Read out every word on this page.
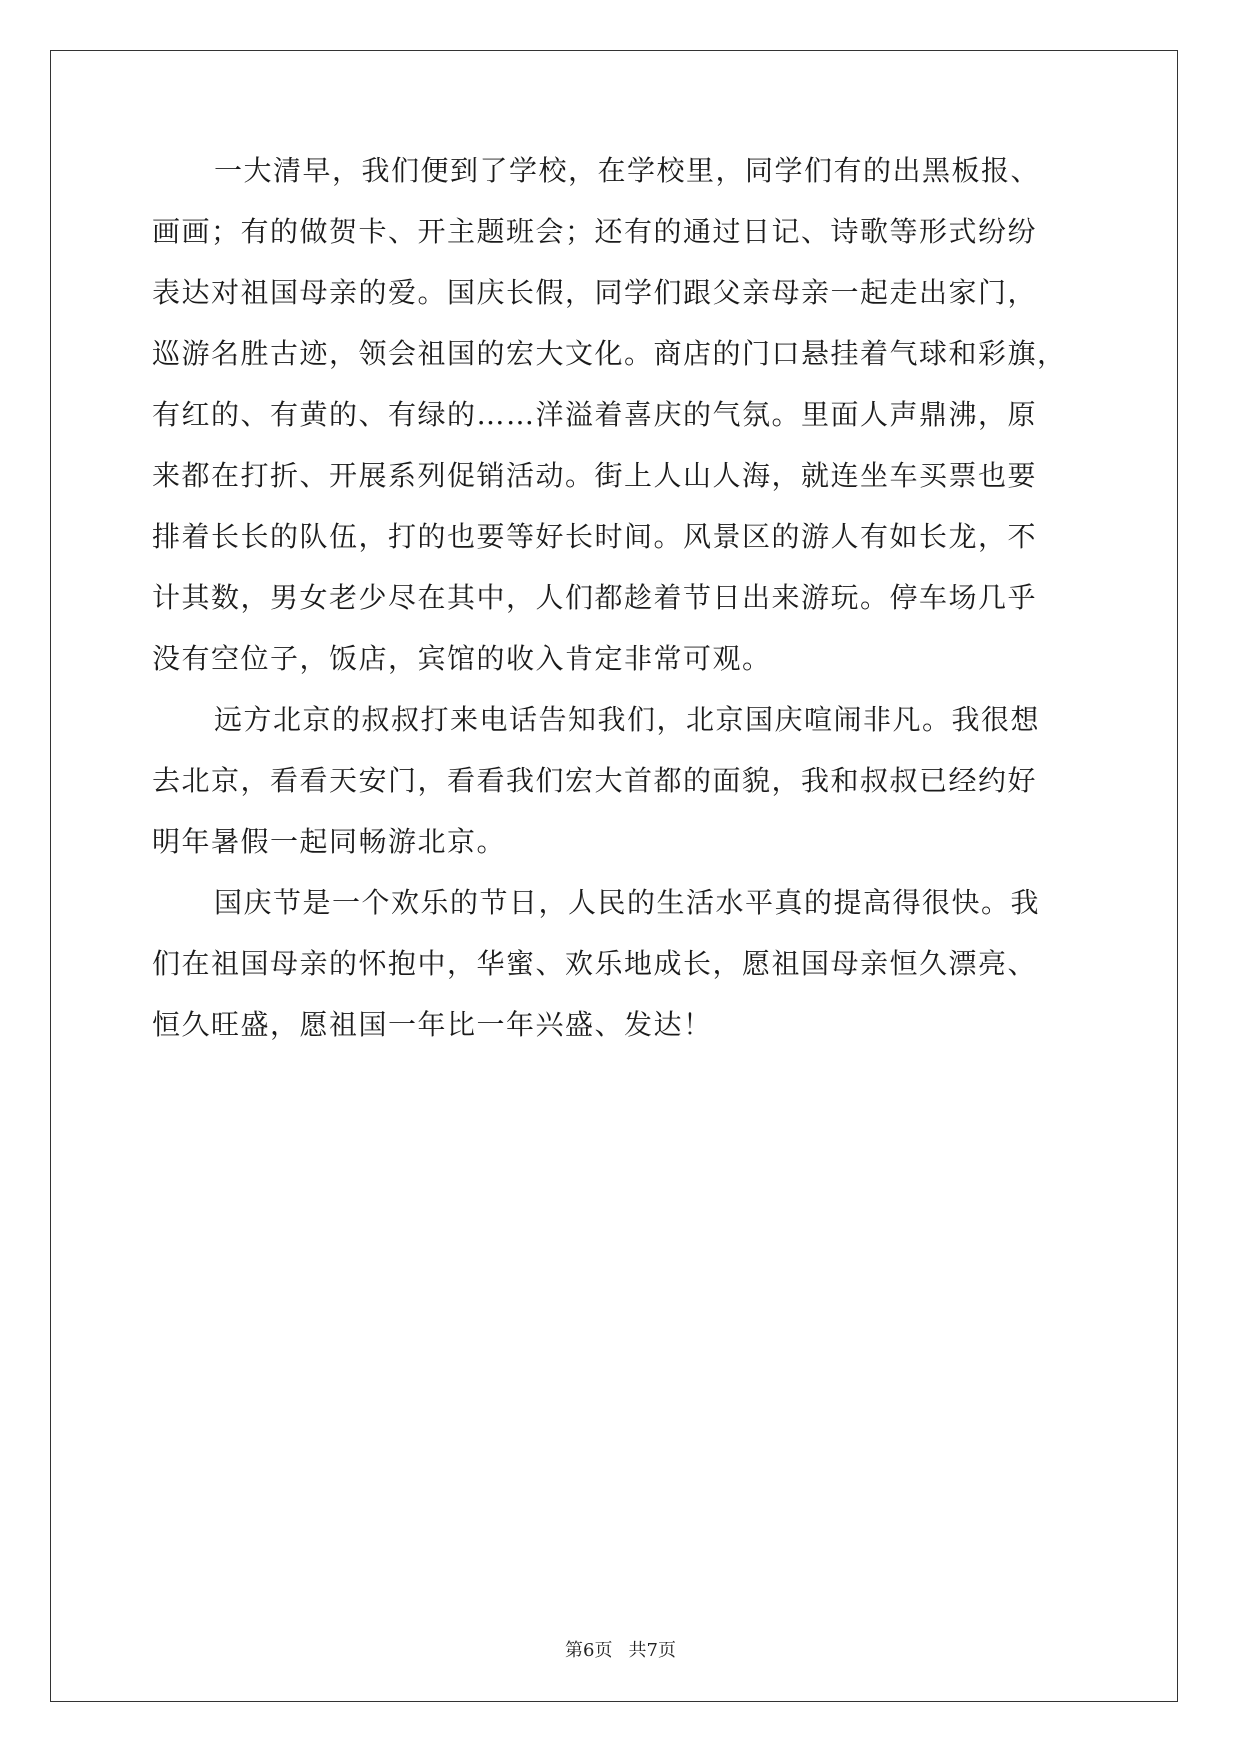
一大清早，我们便到了学校，在学校里，同学们有的出黑板报、
画画；有的做贺卡、开主题班会；还有的通过日记、诗歌等形式纷纷
表达对祖国母亲的爱。国庆长假，同学们跟父亲母亲一起走出家门，
巡游名胜古迹，领会祖国的宏大文化。商店的门口悬挂着气球和彩旗，
有红的、有黄的、有绿的……洋溢着喜庆的气氛。里面人声鼎沸，原
来都在打折、开展系列促销活动。街上人山人海，就连坐车买票也要
排着长长的队伍，打的也要等好长时间。风景区的游人有如长龙，不
计其数，男女老少尽在其中，人们都趁着节日出来游玩。停车场几乎
没有空位子，饭店，宾馆的收入肯定非常可观。
远方北京的叔叔打来电话告知我们，北京国庆喧闹非凡。我很想
去北京，看看天安门，看看我们宏大首都的面貌，我和叔叔已经约好
明年暑假一起同畅游北京。
国庆节是一个欢乐的节日，人民的生活水平真的提高得很快。我
们在祖国母亲的怀抱中，华蜜、欢乐地成长，愿祖国母亲恒久漂亮、
恒久旺盛，愿祖国一年比一年兴盛、发达！
第6页 共7页
